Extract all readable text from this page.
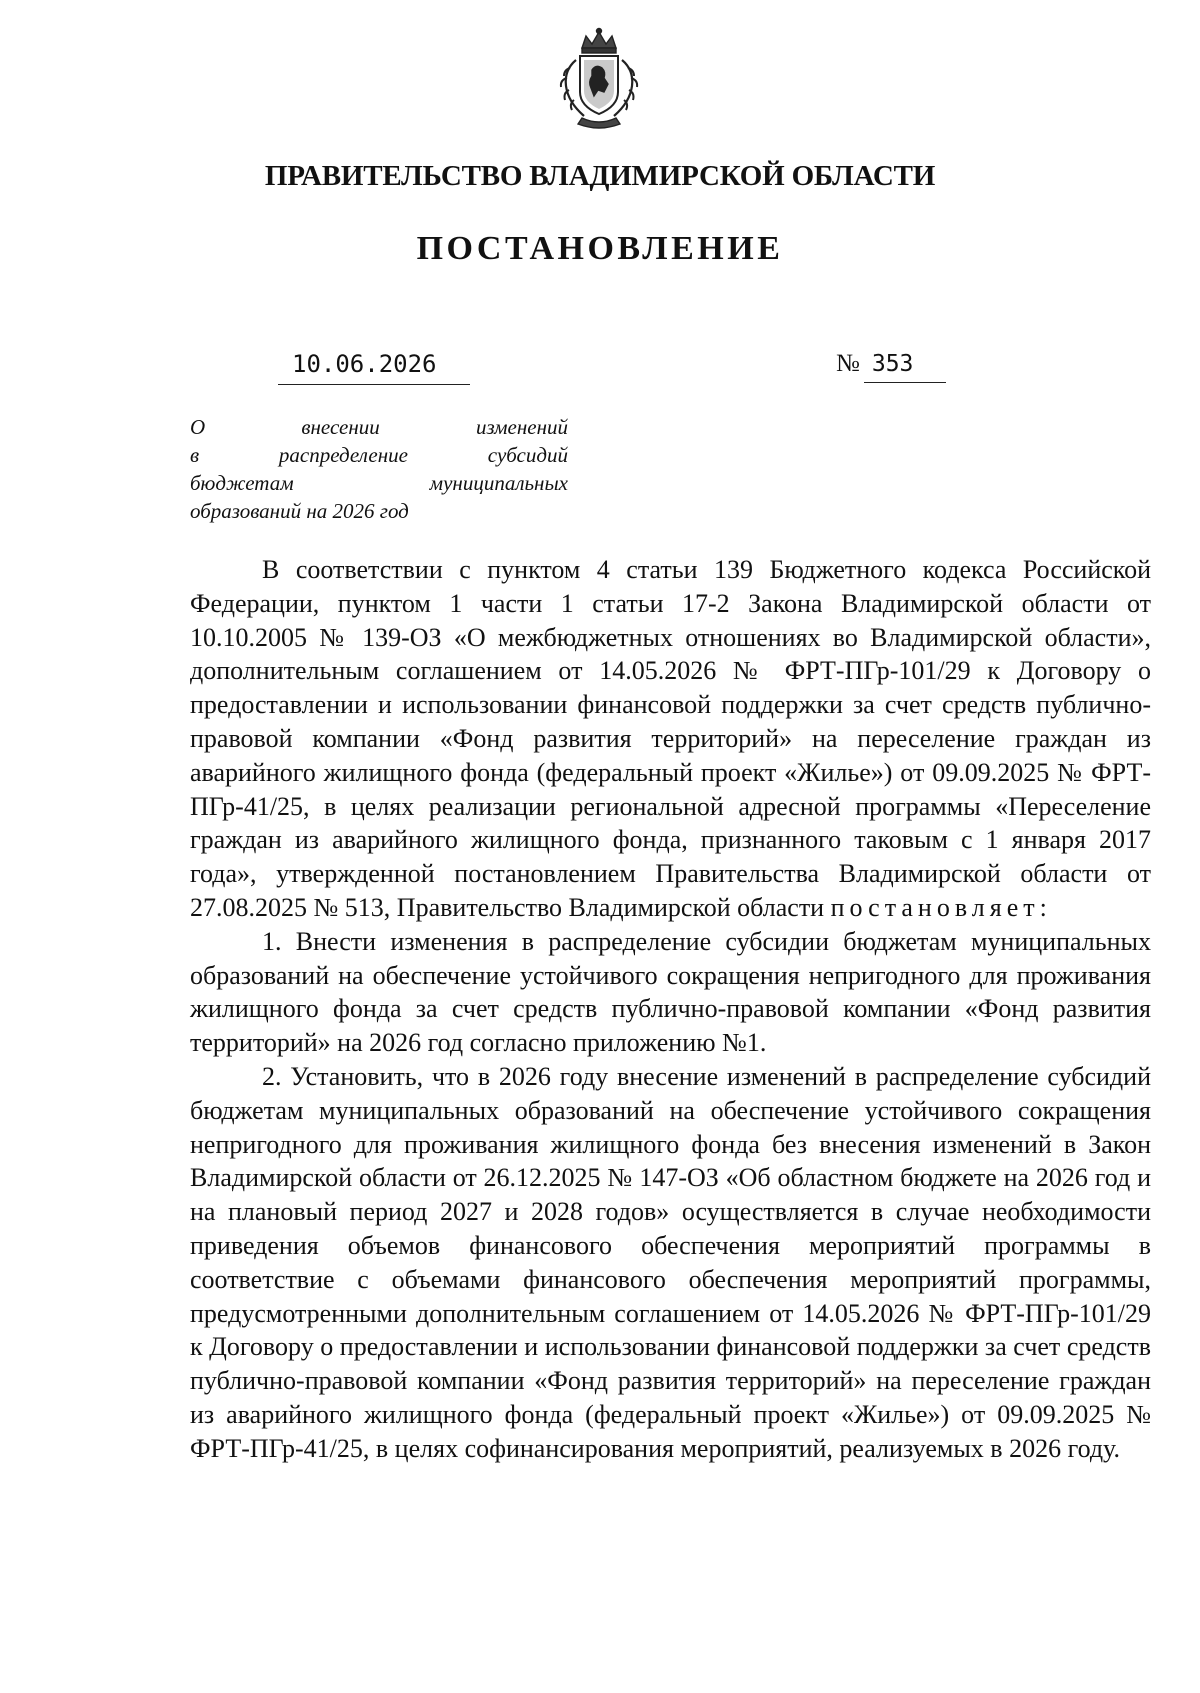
ПРАВИТЕЛЬСТВО ВЛАДИМИРСКОЙ ОБЛАСТИ
ПОСТАНОВЛЕНИЕ
10.06.2026	№ 353
О внесении изменений
в распределение субсидий
бюджетам муниципальных
образований на 2026 год

В соответствии с пунктом 4 статьи 139 Бюджетного кодекса Российской Федерации, пунктом 1 части 1 статьи 17-2 Закона Владимирской области от 10.10.2005 № 139-ОЗ «О межбюджетных отношениях во Владимирской области», дополнительным соглашением от 14.05.2026 № ФРТ-ПГр-101/29 к Договору о предоставлении и использовании финансовой поддержки за счет средств публично-правовой компании «Фонд развития территорий» на переселение граждан из аварийного жилищного фонда (федеральный проект «Жилье») от 09.09.2025 № ФРТ-ПГр-41/25, в целях реализации региональной адресной программы «Переселение граждан из аварийного жилищного фонда, признанного таковым с 1 января 2017 года», утвержденной постановлением Правительства Владимирской области от 27.08.2025 № 513, Правительство Владимирской области постановляет:

1. Внести изменения в распределение субсидии бюджетам муниципальных образований на обеспечение устойчивого сокращения непригодного для проживания жилищного фонда за счет средств публично-правовой компании «Фонд развития территорий» на 2026 год согласно приложению №1.

2. Установить, что в 2026 году внесение изменений в распределение субсидий бюджетам муниципальных образований на обеспечение устойчивого сокращения непригодного для проживания жилищного фонда без внесения изменений в Закон Владимирской области от 26.12.2025 № 147-ОЗ «Об областном бюджете на 2026 год и на плановый период 2027 и 2028 годов» осуществляется в случае необходимости приведения объемов финансового обеспечения мероприятий программы в соответствие с объемами финансового обеспечения мероприятий программы, предусмотренными дополнительным соглашением от 14.05.2026 № ФРТ-ПГр-101/29 к Договору о предоставлении и использовании финансовой поддержки за счет средств публично-правовой компании «Фонд развития территорий» на переселение граждан из аварийного жилищного фонда (федеральный проект «Жилье») от 09.09.2025 № ФРТ-ПГр-41/25, в целях софинансирования мероприятий, реализуемых в 2026 году.
